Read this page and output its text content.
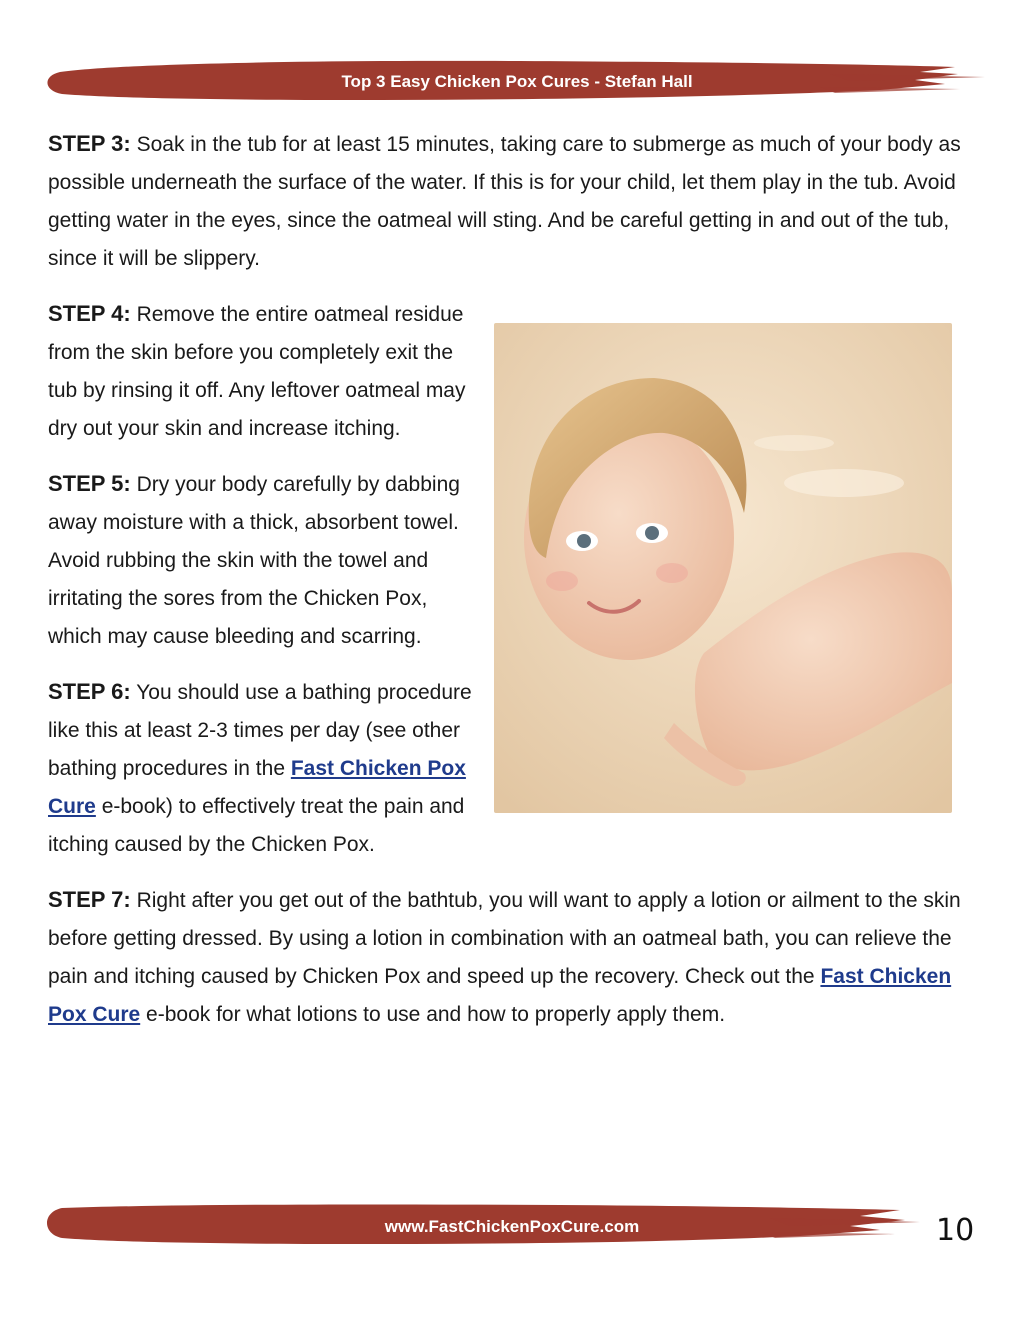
Top 3 Easy Chicken Pox Cures - Stefan Hall

STEP 3: Soak in the tub for at least 15 minutes, taking care to submerge as much of your body as possible underneath the surface of the water. If this is for your child, let them play in the tub. Avoid getting water in the eyes, since the oatmeal will sting. And be careful getting in and out of the tub, since it will be slippery.

STEP 4: Remove the entire oatmeal residue from the skin before you completely exit the tub by rinsing it off. Any leftover oatmeal may dry out your skin and increase itching.

STEP 5: Dry your body carefully by dabbing away moisture with a thick, absorbent towel. Avoid rubbing the skin with the towel and irritating the sores from the Chicken Pox, which may cause bleeding and scarring.

STEP 6: You should use a bathing procedure like this at least 2-3 times per day (see other bathing procedures in the Fast Chicken Pox Cure e-book) to effectively treat the pain and itching caused by the Chicken Pox.

STEP 7: Right after you get out of the bathtub, you will want to apply a lotion or ailment to the skin before getting dressed. By using a lotion in combination with an oatmeal bath, you can relieve the pain and itching caused by Chicken Pox and speed up the recovery. Check out the Fast Chicken Pox Cure e-book for what lotions to use and how to properly apply them.

www.FastChickenPoxCure.com	10
